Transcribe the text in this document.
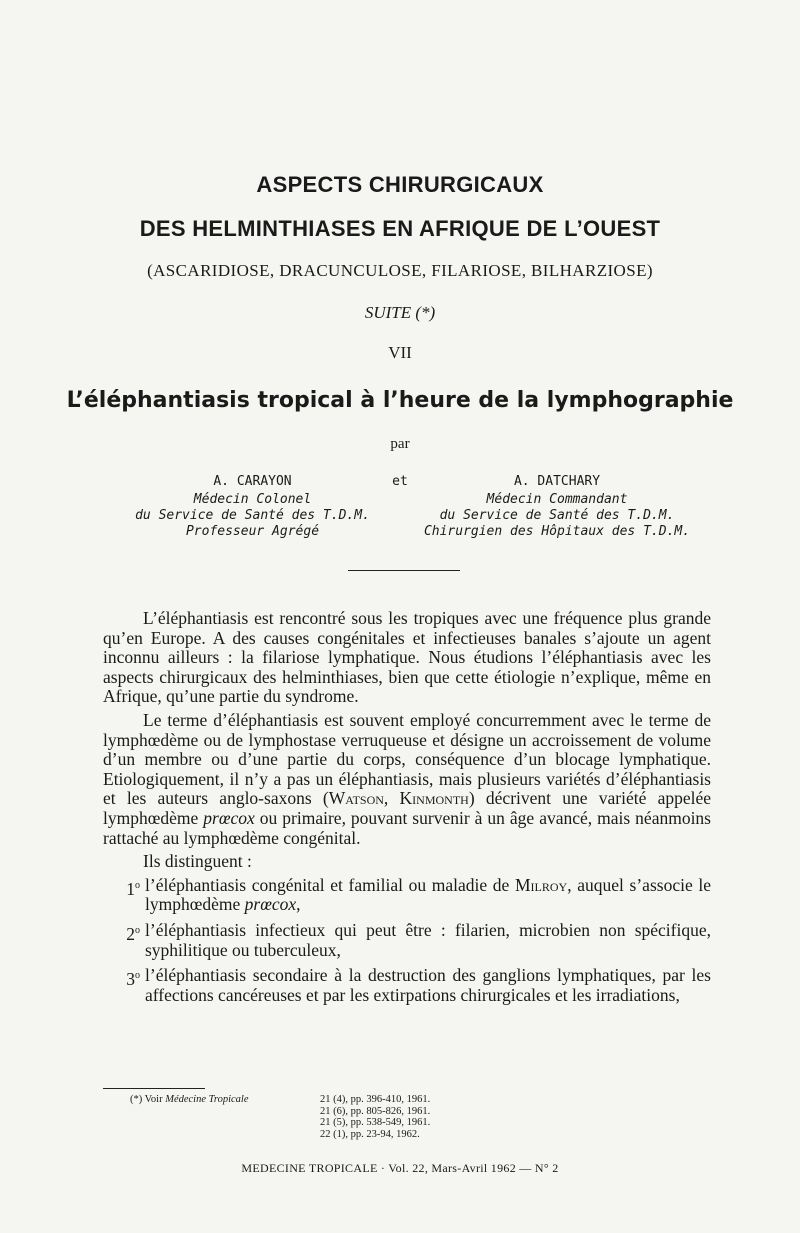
ASPECTS CHIRURGICAUX
DES HELMINTHIASES EN AFRIQUE DE L’OUEST
(ASCARIDIOSE, DRACUNCULOSE, FILARIOSE, BILHARZIOSE)
SUITE (*)
VII
L’éléphantiasis tropical à l’heure de la lymphographie
par
A. CARAYON
Médecin Colonel
du Service de Santé des T.D.M.
Professeur Agrégé
et	A. DATCHARY
Médecin Commandant
du Service de Santé des T.D.M.
Chirurgien des Hôpitaux des T.D.M.

L’éléphantiasis est rencontré sous les tropiques avec une fréquence plus grande qu’en Europe. A des causes congénitales et infectieuses banales s’ajoute un agent inconnu ailleurs : la filariose lymphatique. Nous étudions l’éléphantiasis avec les aspects chirurgicaux des helminthiases, bien que cette étiologie n’explique, même en Afrique, qu’une partie du syndrome.

Le terme d’éléphantiasis est souvent employé concurremment avec le terme de lymphœdème ou de lymphostase verruqueuse et désigne un accroissement de volume d’un membre ou d’une partie du corps, conséquence d’un blocage lymphatique. Etiologiquement, il n’y a pas un éléphantiasis, mais plusieurs variétés d’éléphantiasis et les auteurs anglo-saxons (Watson, Kinmonth) décrivent une variété appelée lymphœdème prœcox ou primaire, pouvant survenir à un âge avancé, mais néanmoins rattaché au lymphœdème congénital.

Ils distinguent :

1$^o$ l’éléphantiasis congénital et familial ou maladie de Milroy, auquel s’associe le lymphœdème prœcox,
2$^o$ l’éléphantiasis infectieux qui peut être : filarien, microbien non spécifique, syphilitique ou tuberculeux,
3$^o$ l’éléphantiasis secondaire à la destruction des ganglions lymphatiques, par les affections cancéreuses et par les extirpations chirurgicales et les irradiations,
(*) Voir Médecine Tropicale	21 (4), pp. 396-410, 1961.
21 (6), pp. 805-826, 1961.
21 (5), pp. 538-549, 1961.
22 (1), pp. 23-94, 1962.
MEDECINE TROPICALE · Vol. 22, Mars-Avril 1962 — N° 2
